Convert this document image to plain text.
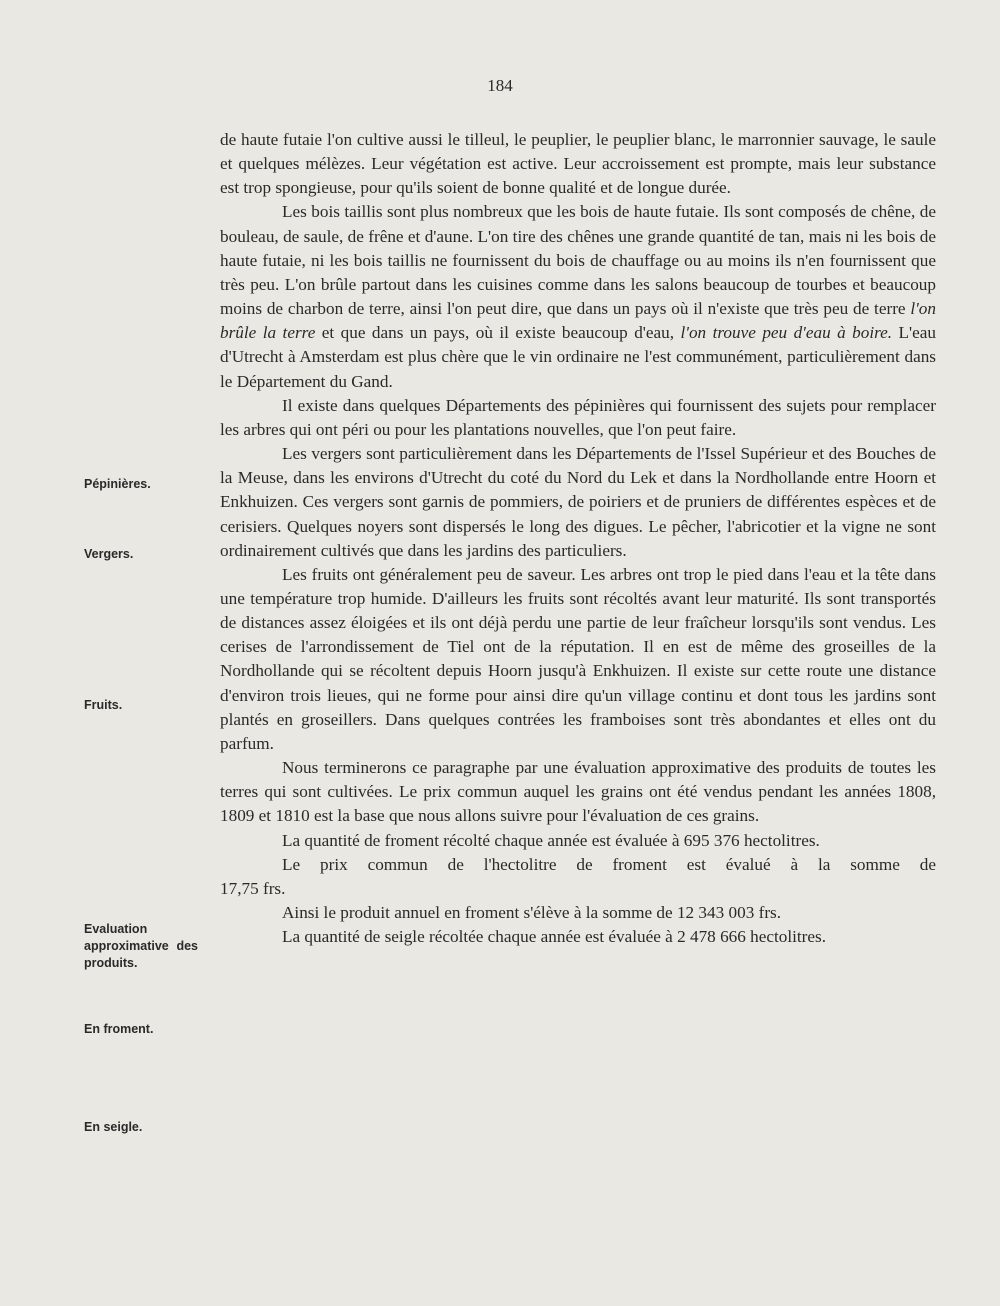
184
Pépinières.
Vergers.
Fruits.
Evaluation approximative des produits.
En froment.
En seigle.

de haute futaie l'on cultive aussi le tilleul, le peuplier, le peuplier blanc, le marronnier sauvage, le saule et quelques mélèzes. Leur végétation est active. Leur accroissement est prompte, mais leur substance est trop spongieuse, pour qu'ils soient de bonne qualité et de longue durée.

Les bois taillis sont plus nombreux que les bois de haute futaie. Ils sont composés de chêne, de bouleau, de saule, de frêne et d'aune. L'on tire des chênes une grande quantité de tan, mais ni les bois de haute futaie, ni les bois taillis ne fournissent du bois de chauffage ou au moins ils n'en fournissent que très peu. L'on brûle partout dans les cuisines comme dans les salons beaucoup de tourbes et beaucoup moins de charbon de terre, ainsi l'on peut dire, que dans un pays où il n'existe que très peu de terre l'on brûle la terre et que dans un pays, où il existe beaucoup d'eau, l'on trouve peu d'eau à boire. L'eau d'Utrecht à Amsterdam est plus chère que le vin ordinaire ne l'est communément, particulièrement dans le Département du Gand.

Il existe dans quelques Départements des pépinières qui fournissent des sujets pour remplacer les arbres qui ont péri ou pour les plantations nouvelles, que l'on peut faire.

Les vergers sont particulièrement dans les Départements de l'Issel Supérieur et des Bouches de la Meuse, dans les environs d'Utrecht du coté du Nord du Lek et dans la Nordhollande entre Hoorn et Enkhuizen. Ces vergers sont garnis de pommiers, de poiriers et de pruniers de différentes espèces et de cerisiers. Quelques noyers sont dispersés le long des digues. Le pêcher, l'abricotier et la vigne ne sont ordinairement cultivés que dans les jardins des particuliers.

Les fruits ont généralement peu de saveur. Les arbres ont trop le pied dans l'eau et la tête dans une température trop humide. D'ailleurs les fruits sont récoltés avant leur maturité. Ils sont transportés de distances assez éloigées et ils ont déjà perdu une partie de leur fraîcheur lorsqu'ils sont vendus. Les cerises de l'arrondissement de Tiel ont de la réputation. Il en est de même des groseilles de la Nordhollande qui se récoltent depuis Hoorn jusqu'à Enkhuizen. Il existe sur cette route une distance d'environ trois lieues, qui ne forme pour ainsi dire qu'un village continu et dont tous les jardins sont plantés en groseillers. Dans quelques contrées les framboises sont très abondantes et elles ont du parfum.

Nous terminerons ce paragraphe par une évaluation approximative des produits de toutes les terres qui sont cultivées. Le prix commun auquel les grains ont été vendus pendant les années 1808, 1809 et 1810 est la base que nous allons suivre pour l'évaluation de ces grains.

La quantité de froment récolté chaque année est évaluée à 695 376 hectolitres.

Le prix commun de l'hectolitre de froment est évalué à la somme de

17,75 frs.

Ainsi le produit annuel en froment s'élève à la somme de 12 343 003 frs.

La quantité de seigle récoltée chaque année est évaluée à 2 478 666 hectolitres.
